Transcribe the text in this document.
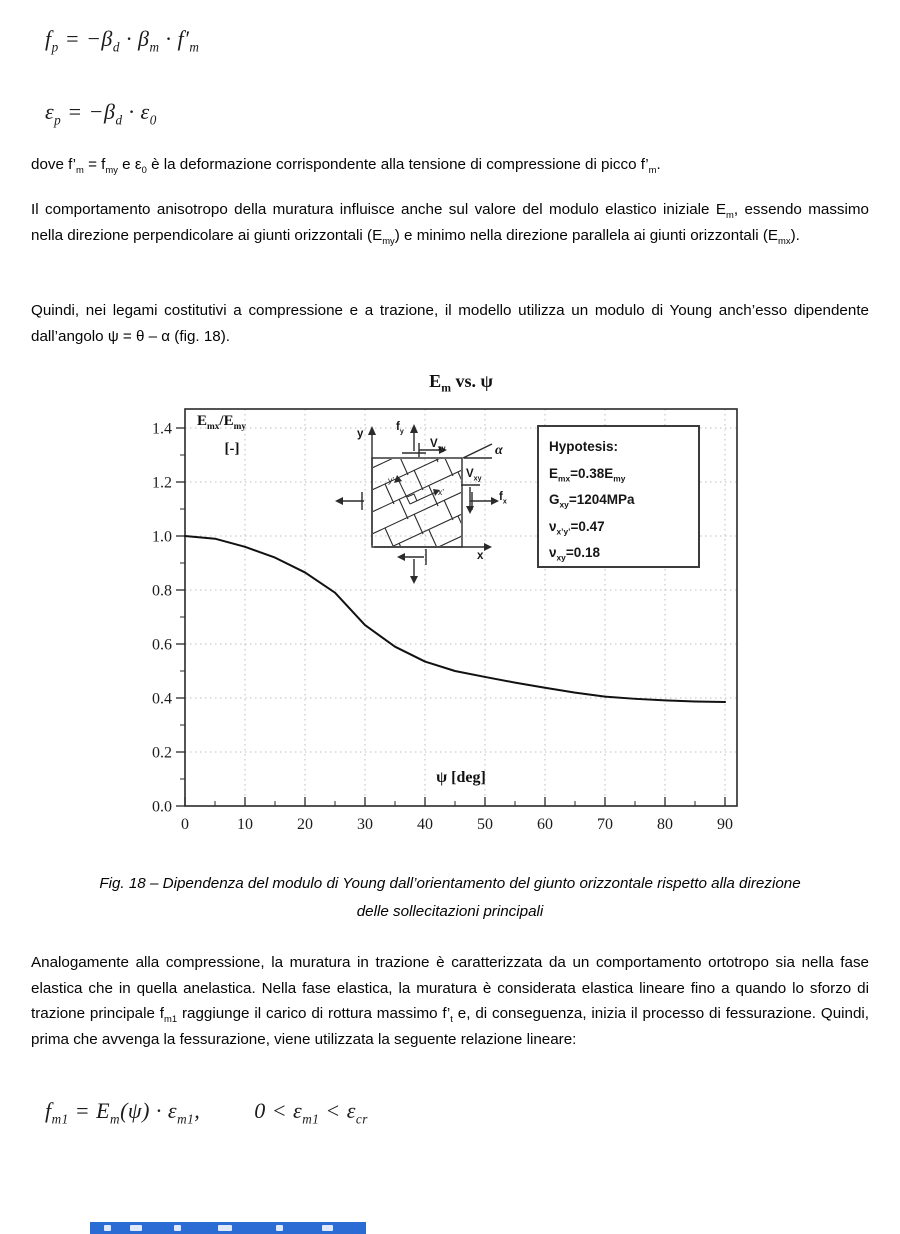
$f_p = -\beta_d \cdot \beta_m \cdot f'_m$
$\varepsilon_p = -\beta_d \cdot \varepsilon_0$

dove $f’_m = f_{my}$ e $\varepsilon_0$ è la deformazione corrispondente alla tensione di compressione di picco $f’_m$.

Il comportamento anisotropo della muratura influisce anche sul valore del modulo elastico iniziale $E_m$, essendo massimo nella direzione perpendicolare ai giunti orizzontali $(E_{my})$ e minimo nella direzione parallela ai giunti orizzontali $(E_{mx})$.

Quindi, nei legami costitutivi a compressione e a trazione, il modello utilizza un modulo di Young anch’esso dipendente dall’angolo ψ = θ – α (fig. 18).

$E_m$ vs. ψ
0	10	20	30	40	50	60	70	80	90
0.0
0.2
0.4
0.6
0.8
1.0
1.2
1.4 $E_{mx}/E_{my}$
[-]
ψ [deg]
Hypotesis:
$E_{mx}=0.38E_{my}$
$G_{xy}=1204MPa$
$\nu_{x’y’}=0.47$
$\nu_{xy}=0.18$
y
x
$f_y$
$V_{xy}$	α
$V_{xy}$
$f_x$
y’
x’
Fig. 18 – Dipendenza del modulo di Young dall’orientamento del giunto orizzontale rispetto alla direzione
delle sollecitazioni principali

Analogamente alla compressione, la muratura in trazione è caratterizzata da un comportamento ortotropo sia nella fase elastica che in quella anelastica. Nella fase elastica, la muratura è considerata elastica lineare fino a quando lo sforzo di trazione principale $f_{m1}$ raggiunge il carico di rottura massimo $f’_t$ e, di conseguenza, inizia il processo di fessurazione. Quindi, prima che avvenga la fessurazione, viene utilizzata la seguente relazione lineare:

$f_{m1} = E_m(\psi) \cdot \varepsilon_{m1}$,         $0 < \varepsilon_{m1} < \varepsilon_{cr}$
